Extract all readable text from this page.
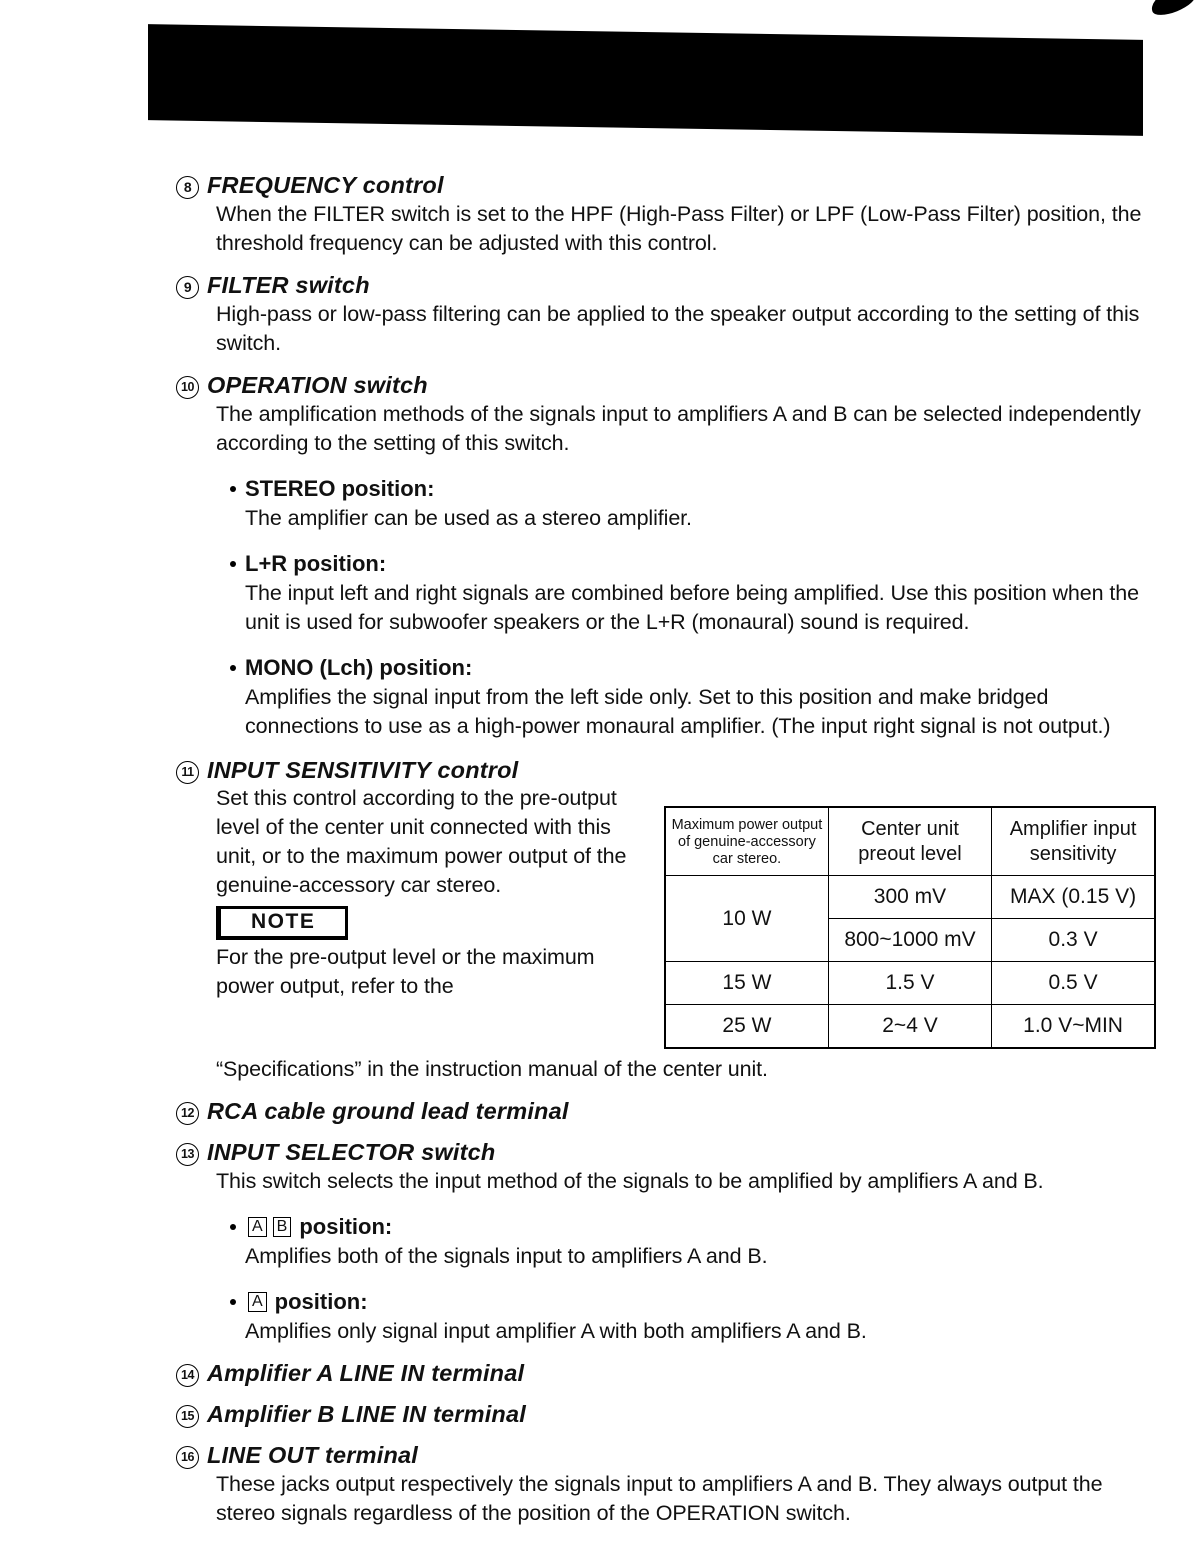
8 FREQUENCY control
When the FILTER switch is set to the HPF (High-Pass Filter) or LPF (Low-Pass Filter) position, the threshold frequency can be adjusted with this control.
9 FILTER switch
High-pass or low-pass filtering can be applied to the speaker output according to the setting of this switch.
10 OPERATION switch
The amplification methods of the signals input to amplifiers A and B can be selected independently according to the setting of this switch.
STEREO position:
The amplifier can be used as a stereo amplifier.
L+R position:
The input left and right signals are combined before being amplified. Use this position when the unit is used for subwoofer speakers or the L+R (monaural) sound is required.
MONO (Lch) position:
Amplifies the signal input from the left side only. Set to this position and make bridged connections to use as a high-power monaural amplifier. (The input right signal is not output.)
11 INPUT SENSITIVITY control
Maximum power output of genuine-accessory car stereo.	Center unit preout level	Amplifier input sensitivity
10 W	300 mV	MAX (0.15 V)
	800~1000 mV	0.3 V
15 W	1.5 V	0.5 V
25 W	2~4 V	1.0 V~MIN
Set this control according to the pre-output level of the center unit connected with this unit, or to the maximum power output of the genuine-accessory car stereo.
NOTE
For the pre-output level or the maximum power output, refer to the
“Specifications” in the instruction manual of the center unit.
12 RCA cable ground lead terminal
13 INPUT SELECTOR switch
This switch selects the input method of the signals to be amplified by amplifiers A and B.
A B position:
Amplifies both of the signals input to amplifiers A and B.
A position:
Amplifies only signal input amplifier A with both amplifiers A and B.
14 Amplifier A LINE IN terminal
15 Amplifier B LINE IN terminal
16 LINE OUT terminal
These jacks output respectively the signals input to amplifiers A and B. They always output the stereo signals regardless of the position of the OPERATION switch.
